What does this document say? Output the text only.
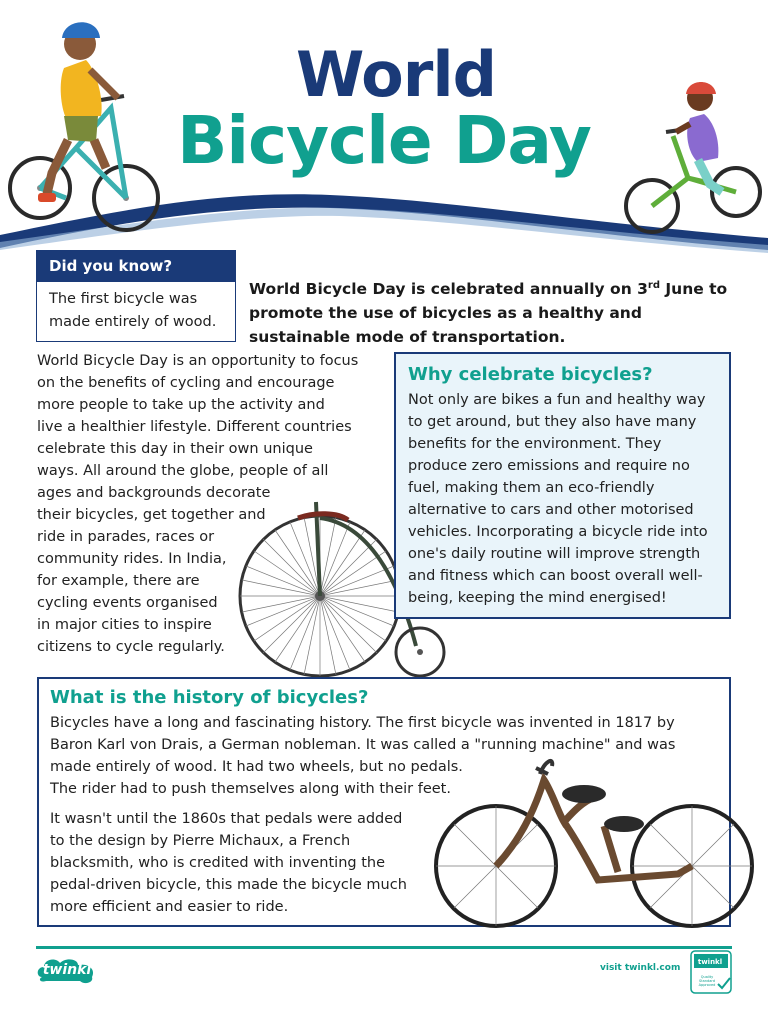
World
Bicycle Day
Did you know?
The first bicycle was made entirely of wood.
World Bicycle Day is celebrated annually on 3rd June to promote the use of bicycles as a healthy and sustainable mode of transportation.
World Bicycle Day is an opportunity to focus
on the benefits of cycling and encourage
more people to take up the activity and
live a healthier lifestyle. Different countries
celebrate this day in their own unique
ways. All around the globe, people of all
ages and backgrounds decorate
their bicycles, get together and
ride in parades, races or
community rides. In India,
for example, there are
cycling events organised
in major cities to inspire
citizens to cycle regularly.
Why celebrate bicycles?
Not only are bikes a fun and healthy way to get around, but they also have many benefits for the environment. They produce zero emissions and require no fuel, making them an eco-friendly alternative to cars and other motorised vehicles. Incorporating a bicycle ride into one's daily routine will improve strength and fitness which can boost overall well-being, keeping the mind energised!
What is the history of bicycles?
Bicycles have a long and fascinating history. The first bicycle was invented in 1817 by
Baron Karl von Drais, a German nobleman. It was called a "running machine" and was
made entirely of wood. It had two wheels, but no pedals.
The rider had to push themselves along with their feet.
It wasn't until the 1860s that pedals were added
to the design by Pierre Michaux, a French
blacksmith, who is credited with inventing the
pedal-driven bicycle, this made the bicycle much
more efficient and easier to ride.
twinkl	visit twinkl.com
twinkl
Quality Standard Approved
